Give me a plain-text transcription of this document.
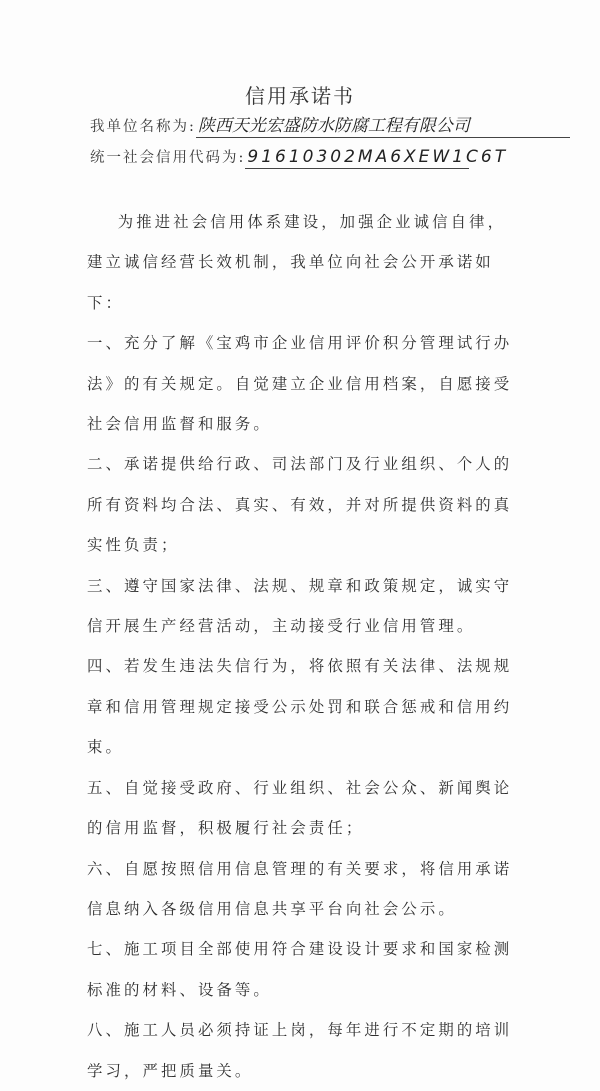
信用承诺书
我单位名称为: 陕西天光宏盛防水防腐工程有限公司
统一社会信用代码为: 91610302MA6XEW1C6T

为推进社会信用体系建设，加强企业诚信自律，建立诚信经营长效机制，我单位向社会公开承诺如下：

一、充分了解《宝鸡市企业信用评价积分管理试行办法》的有关规定。自觉建立企业信用档案，自愿接受社会信用监督和服务。

二、承诺提供给行政、司法部门及行业组织、个人的所有资料均合法、真实、有效，并对所提供资料的真实性负责；

三、遵守国家法律、法规、规章和政策规定，诚实守信开展生产经营活动，主动接受行业信用管理。

四、若发生违法失信行为，将依照有关法律、法规规章和信用管理规定接受公示处罚和联合惩戒和信用约束。

五、自觉接受政府、行业组织、社会公众、新闻舆论的信用监督，积极履行社会责任；

六、自愿按照信用信息管理的有关要求，将信用承诺信息纳入各级信用信息共享平台向社会公示。

七、施工项目全部使用符合建设设计要求和国家检测标准的材料、设备等。

八、施工人员必须持证上岗，每年进行不定期的培训学习，严把质量关。
